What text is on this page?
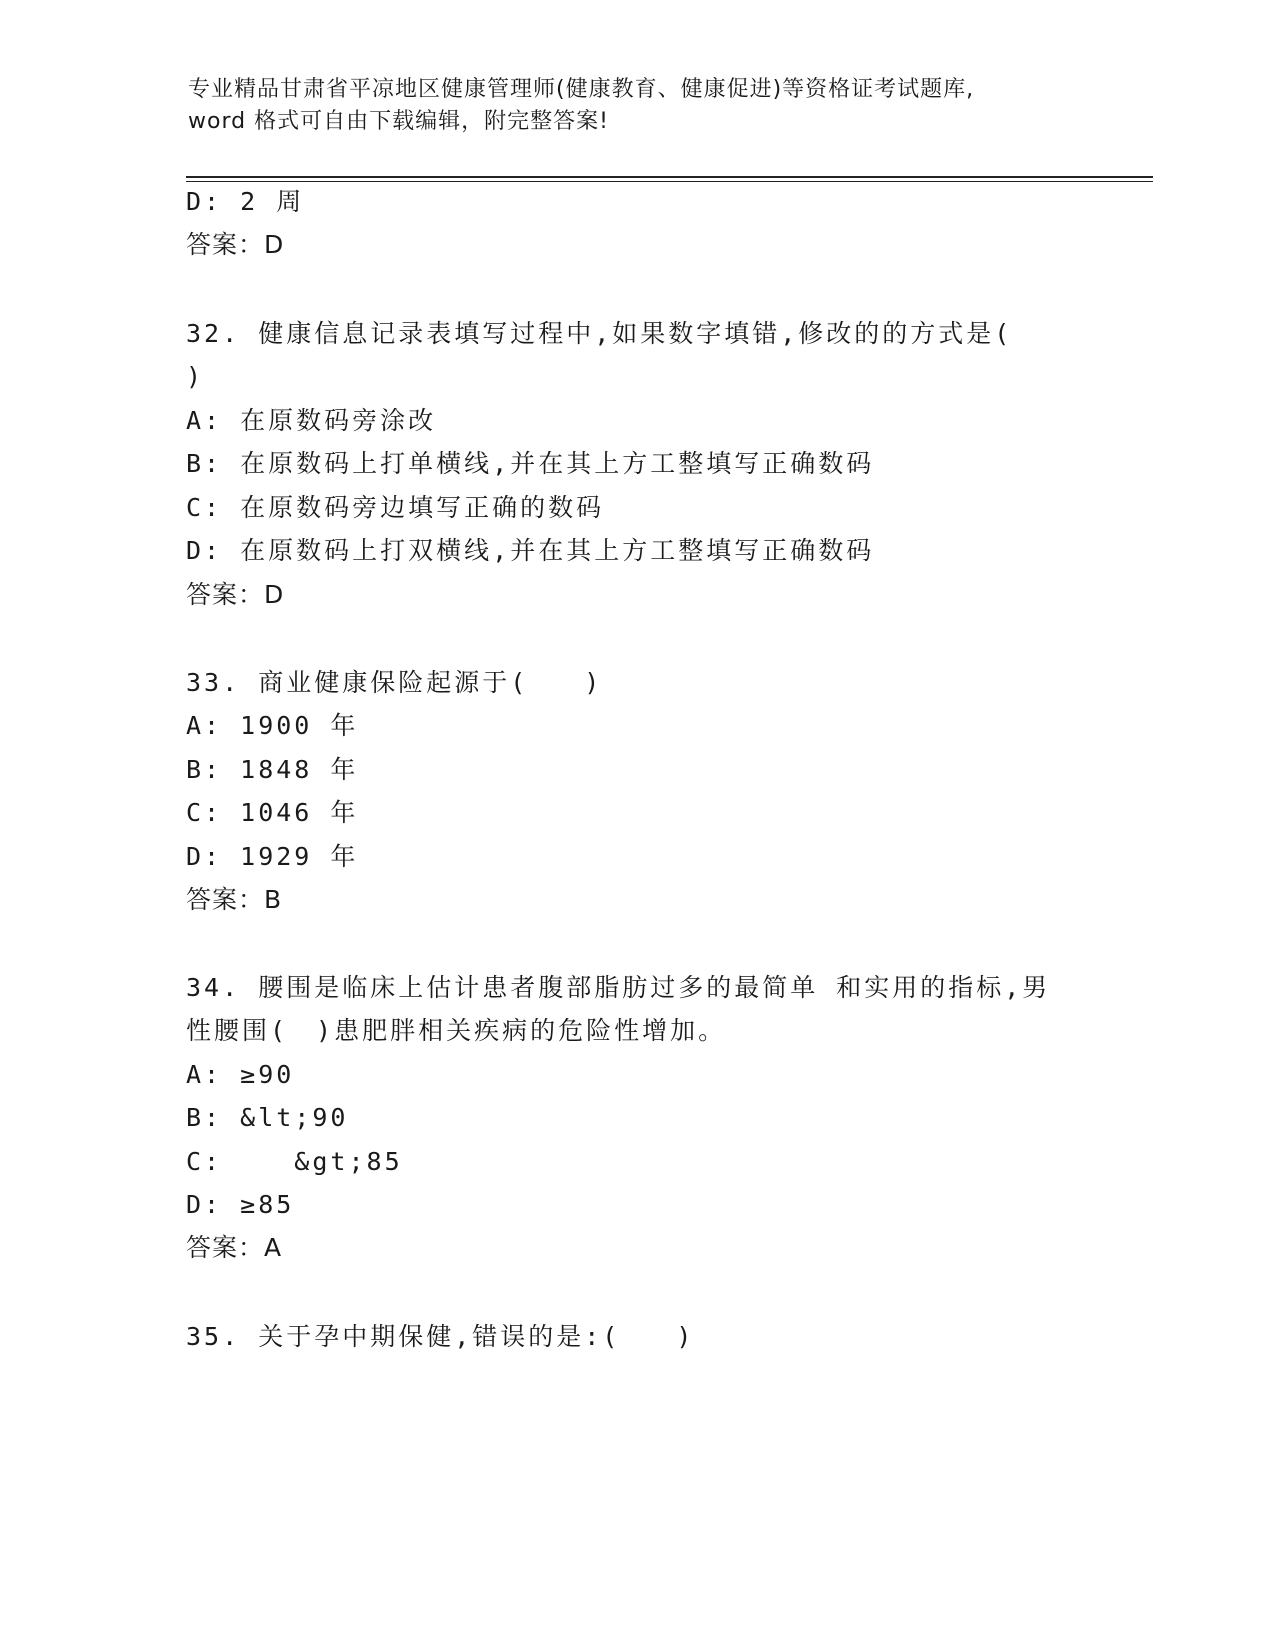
专业精品甘肃省平凉地区健康管理师(健康教育、健康促进)等资格证考试题库,
word 格式可自由下载编辑，附完整答案!
D: 2 周
答案：D
32. 健康信息记录表填写过程中,如果数字填错,修改的的方式是(
)
A: 在原数码旁涂改
B: 在原数码上打单横线,并在其上方工整填写正确数码
C: 在原数码旁边填写正确的数码
D: 在原数码上打双横线,并在其上方工整填写正确数码
答案：D
33. 商业健康保险起源于(　　)
A: 1900 年
B: 1848 年
C: 1046 年
D: 1929 年
答案：B
34. 腰围是临床上估计患者腹部脂肪过多的最简单 和实用的指标,男
性腰围(　)患肥胖相关疾病的危险性增加。
A: ≥90
B: &lt;90
C:    &gt;85
D: ≥85
答案：A
35. 关于孕中期保健,错误的是:(　　)
